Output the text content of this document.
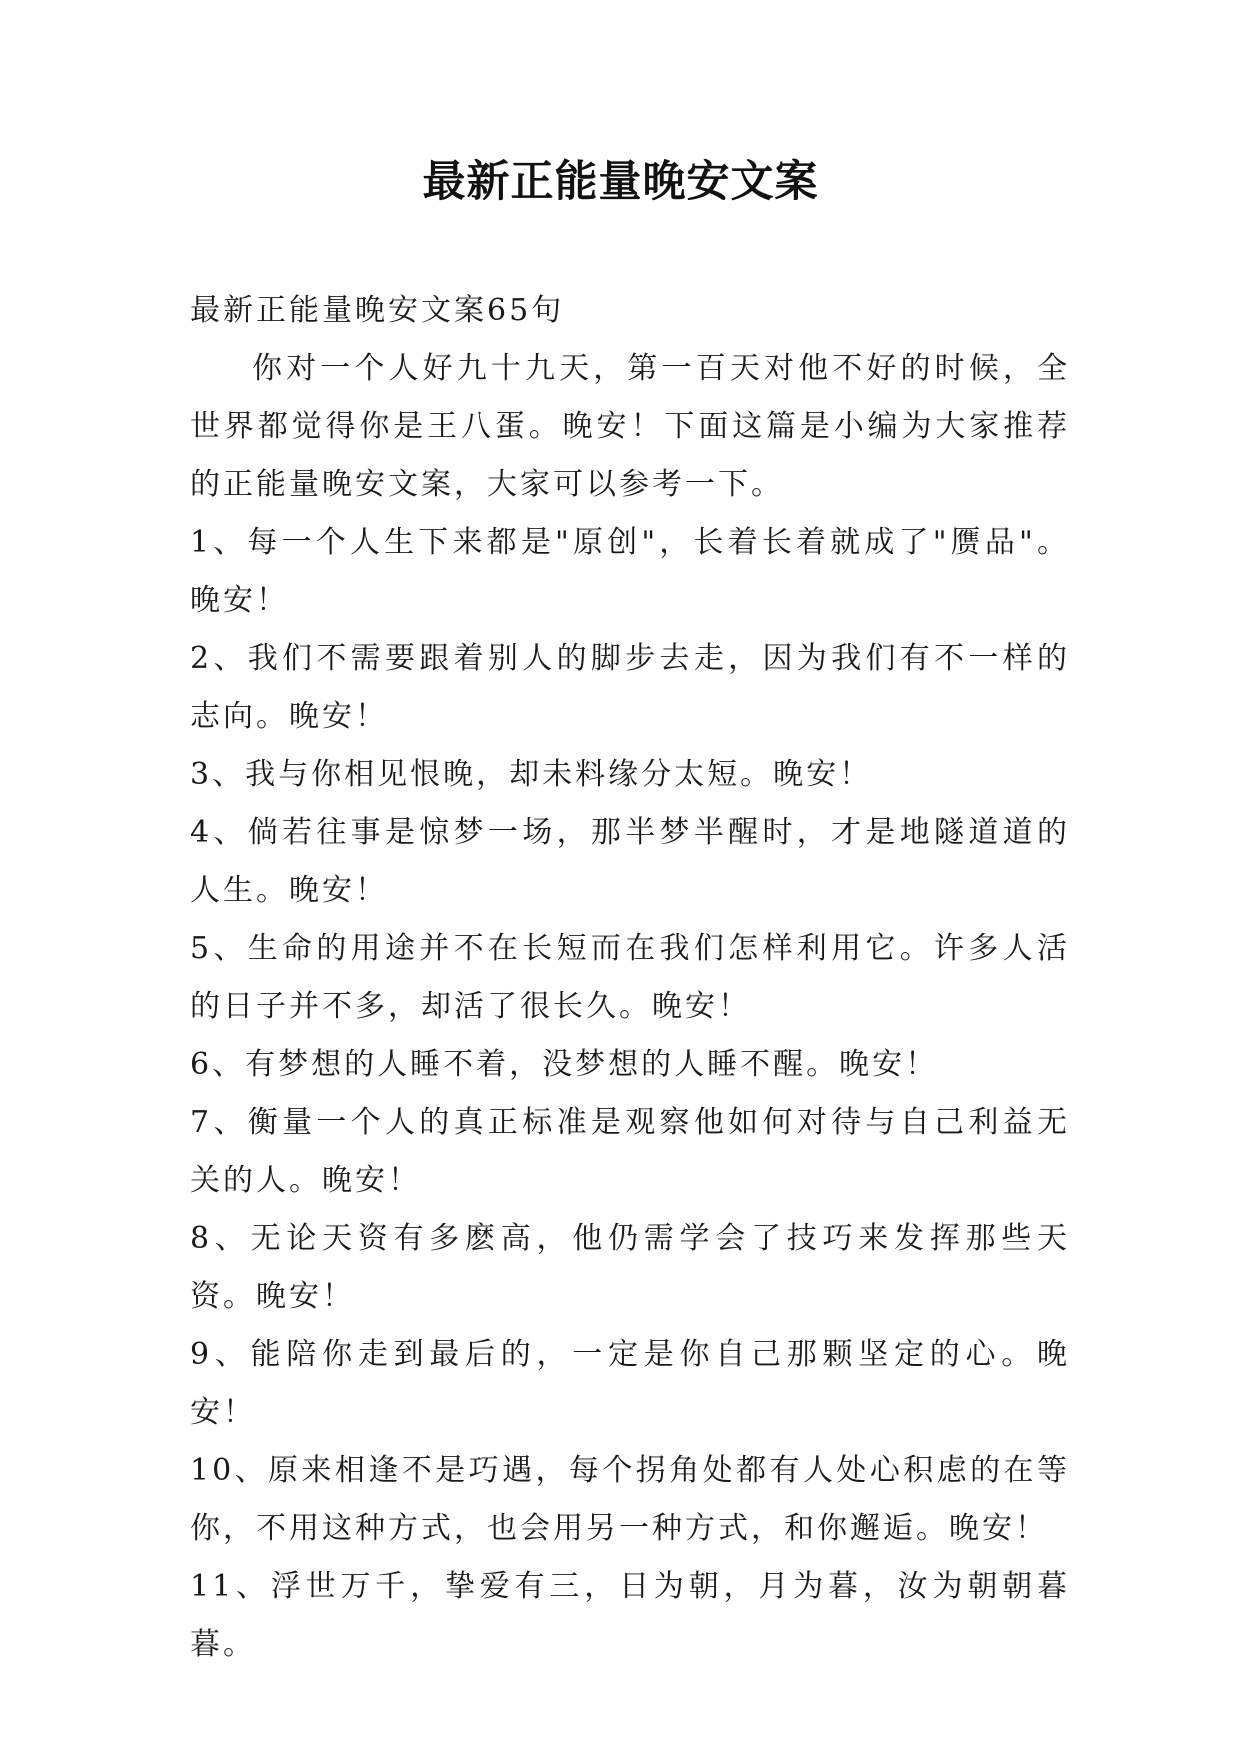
最新正能量晚安文案

最新正能量晚安文案65句

你对一个人好九十九天，第一百天对他不好的时候，全世界都觉得你是王八蛋。晚安！下面这篇是小编为大家推荐的正能量晚安文案，大家可以参考一下。

1、每一个人生下来都是"原创"，长着长着就成了"赝品"。晚安！

2、我们不需要跟着别人的脚步去走，因为我们有不一样的志向。晚安！

3、我与你相见恨晚，却未料缘分太短。晚安！

4、倘若往事是惊梦一场，那半梦半醒时，才是地隧道道的人生。晚安！

5、生命的用途并不在长短而在我们怎样利用它。许多人活的日子并不多，却活了很长久。晚安！

6、有梦想的人睡不着，没梦想的人睡不醒。晚安！

7、衡量一个人的真正标准是观察他如何对待与自己利益无关的人。晚安！

8、无论天资有多麽高，他仍需学会了技巧来发挥那些天资。晚安！

9、能陪你走到最后的，一定是你自己那颗坚定的心。晚安！

10、原来相逢不是巧遇，每个拐角处都有人处心积虑的在等你，不用这种方式，也会用另一种方式，和你邂逅。晚安！

11、浮世万千，挚爱有三，日为朝，月为暮，汝为朝朝暮暮。
